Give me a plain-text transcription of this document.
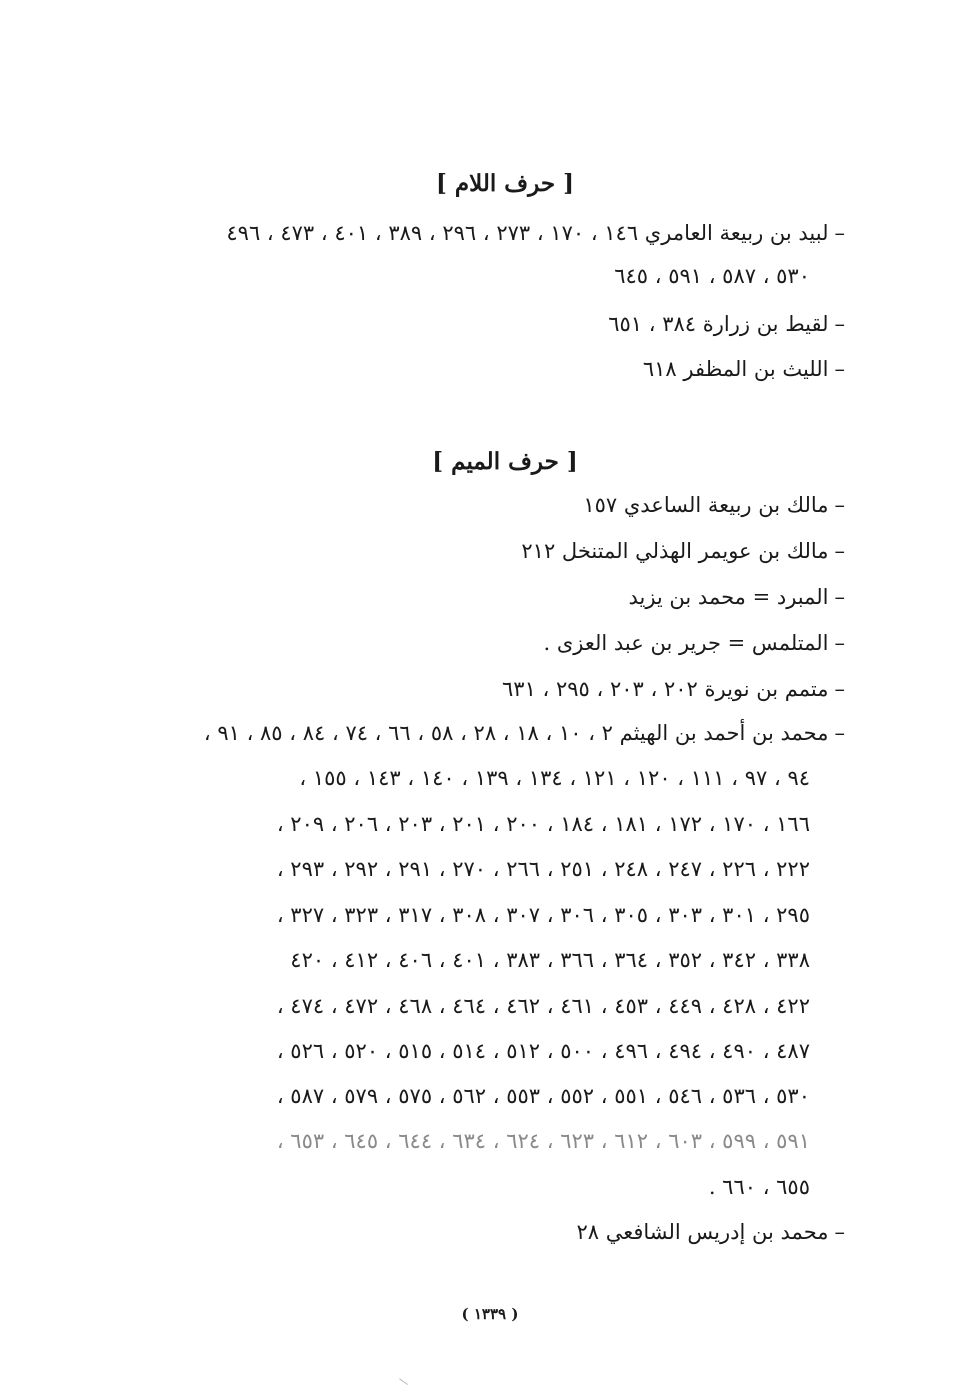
[ حرف اللام ]
–لبيد بن ربيعة العامري ١٤٦ ، ١٧٠ ، ٢٧٣ ، ٢٩٦ ، ٣٨٩ ، ٤٠١ ، ٤٧٣ ، ٤٩٦
٥٣٠ ، ٥٨٧ ، ٥٩١ ، ٦٤٥
–لقيط بن زرارة ٣٨٤ ، ٦٥١
–الليث بن المظفر ٦١٨
[ حرف الميم ]
–مالك بن ربيعة الساعدي ١٥٧
–مالك بن عويمر الهذلي المتنخل ٢١٢
–المبرد = محمد بن يزيد
–المتلمس = جرير بن عبد العزى .
–متمم بن نويرة ٢٠٢ ، ٢٠٣ ، ٢٩٥ ، ٦٣١
–محمد بن أحمد بن الهيثم ٢ ، ١٠ ، ١٨ ، ٢٨ ، ٥٨ ، ٦٦ ، ٧٤ ، ٨٤ ، ٨٥ ، ٩١ ،
٩٤ ، ٩٧ ، ١١١ ، ١٢٠ ، ١٢١ ، ١٣٤ ، ١٣٩ ، ١٤٠ ، ١٤٣ ، ١٥٥ ،
١٦٦ ، ١٧٠ ، ١٧٢ ، ١٨١ ، ١٨٤ ، ٢٠٠ ، ٢٠١ ، ٢٠٣ ، ٢٠٦ ، ٢٠٩ ،
٢٢٢ ، ٢٢٦ ، ٢٤٧ ، ٢٤٨ ، ٢٥١ ، ٢٦٦ ، ٢٧٠ ، ٢٩١ ، ٢٩٢ ، ٢٩٣ ،
٢٩٥ ، ٣٠١ ، ٣٠٣ ، ٣٠٥ ، ٣٠٦ ، ٣٠٧ ، ٣٠٨ ، ٣١٧ ، ٣٢٣ ، ٣٢٧ ،
٣٣٨ ، ٣٤٢ ، ٣٥٢ ، ٣٦٤ ، ٣٦٦ ، ٣٨٣ ، ٤٠١ ، ٤٠٦ ، ٤١٢ ، ٤٢٠
٤٢٢ ، ٤٢٨ ، ٤٤٩ ، ٤٥٣ ، ٤٦١ ، ٤٦٢ ، ٤٦٤ ، ٤٦٨ ، ٤٧٢ ، ٤٧٤ ،
٤٨٧ ، ٤٩٠ ، ٤٩٤ ، ٤٩٦ ، ٥٠٠ ، ٥١٢ ، ٥١٤ ، ٥١٥ ، ٥٢٠ ، ٥٢٦ ،
٥٣٠ ، ٥٣٦ ، ٥٤٦ ، ٥٥١ ، ٥٥٢ ، ٥٥٣ ، ٥٦٢ ، ٥٧٥ ، ٥٧٩ ، ٥٨٧ ،
٥٩١ ، ٥٩٩ ، ٦٠٣ ، ٦١٢ ، ٦٢٣ ، ٦٢٤ ، ٦٣٤ ، ٦٤٤ ، ٦٤٥ ، ٦٥٣ ،
٦٥٥ ، ٦٦٠ .
–محمد بن إدريس الشافعي ٢٨
( ١٣٣٩ )
